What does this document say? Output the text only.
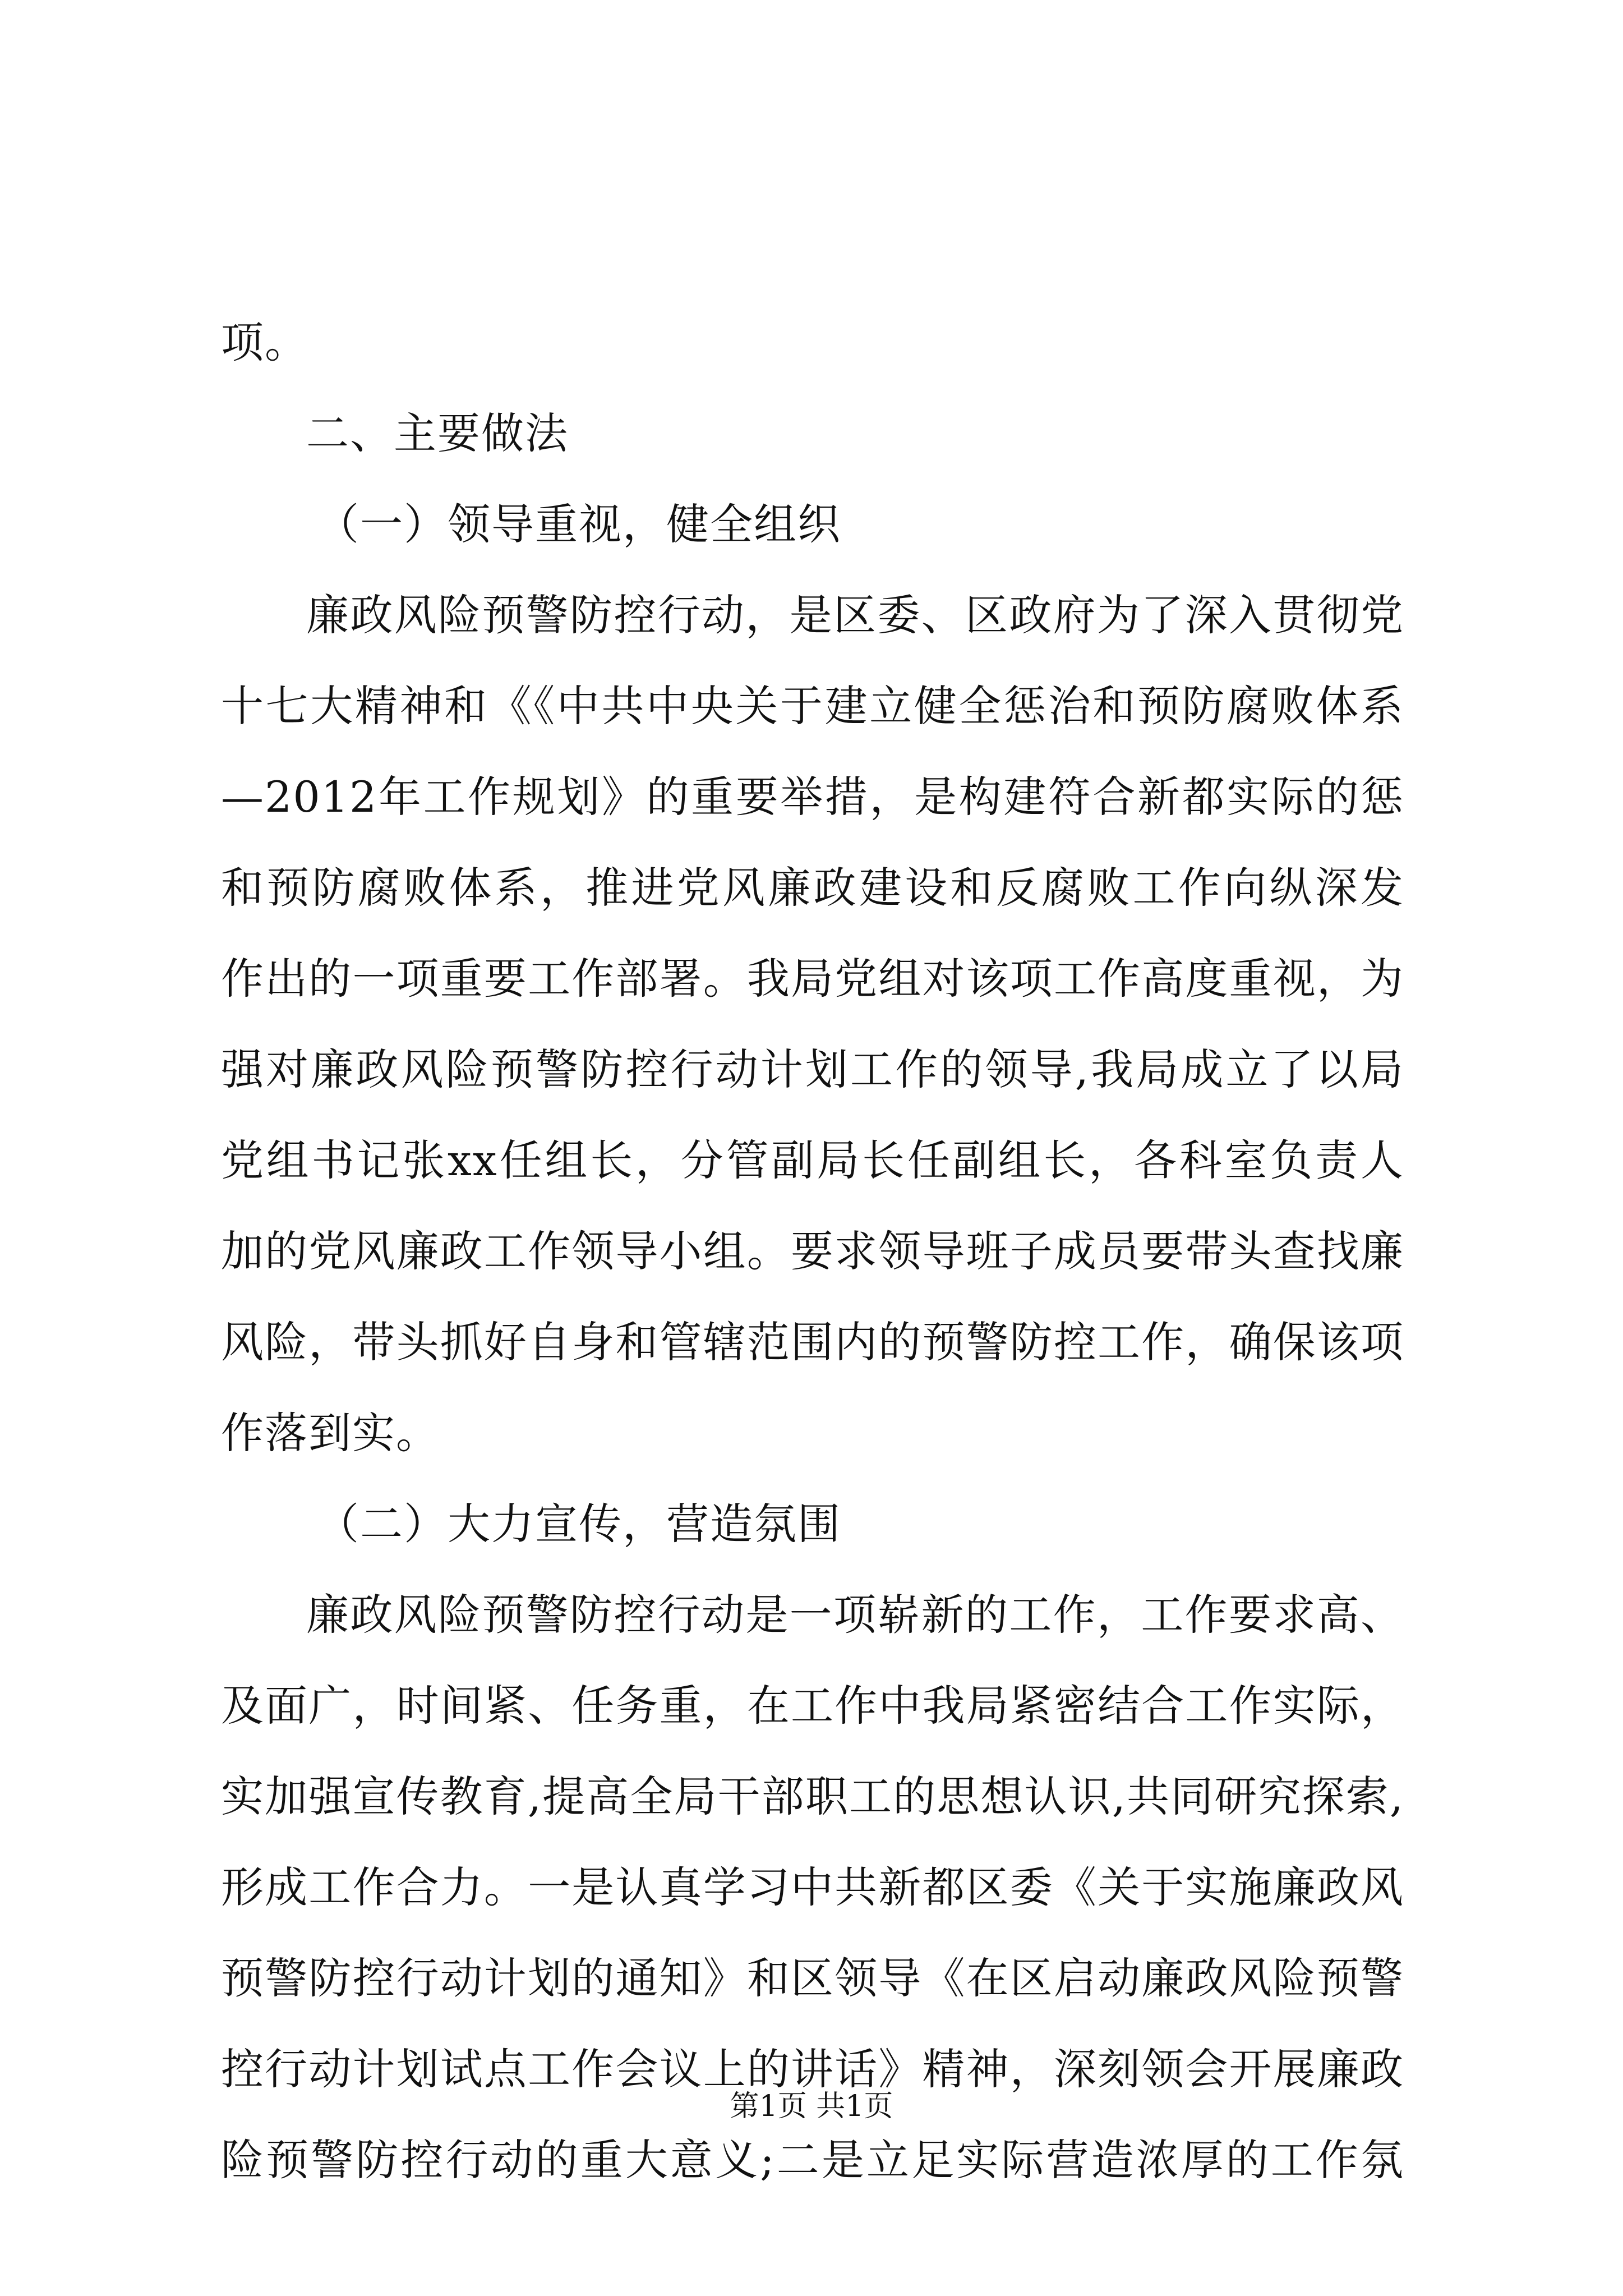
项。
二、主要做法
（一）领导重视，健全组织
廉政风险预警防控行动，是区委、区政府为了深入贯彻党
十七大精神和《《中共中央关于建立健全惩治和预防腐败体系
—2012年工作规划》的重要举措，是构建符合新都实际的惩
和预防腐败体系，推进党风廉政建设和反腐败工作向纵深发
作出的一项重要工作部署。我局党组对该项工作高度重视，为
强对廉政风险预警防控行动计划工作的领导,我局成立了以局
党组书记张xx任组长，分管副局长任副组长，各科室负责人
加的党风廉政工作领导小组。要求领导班子成员要带头查找廉
风险，带头抓好自身和管辖范围内的预警防控工作，确保该项
作落到实。
（二）大力宣传，营造氛围
廉政风险预警防控行动是一项崭新的工作，工作要求高、
及面广，时间紧、任务重，在工作中我局紧密结合工作实际，
实加强宣传教育,提高全局干部职工的思想认识,共同研究探索,
形成工作合力。一是认真学习中共新都区委《关于实施廉政风
预警防控行动计划的通知》和区领导《在区启动廉政风险预警
控行动计划试点工作会议上的讲话》精神，深刻领会开展廉政
险预警防控行动的重大意义;二是立足实际营造浓厚的工作氛
第1页 共1页
